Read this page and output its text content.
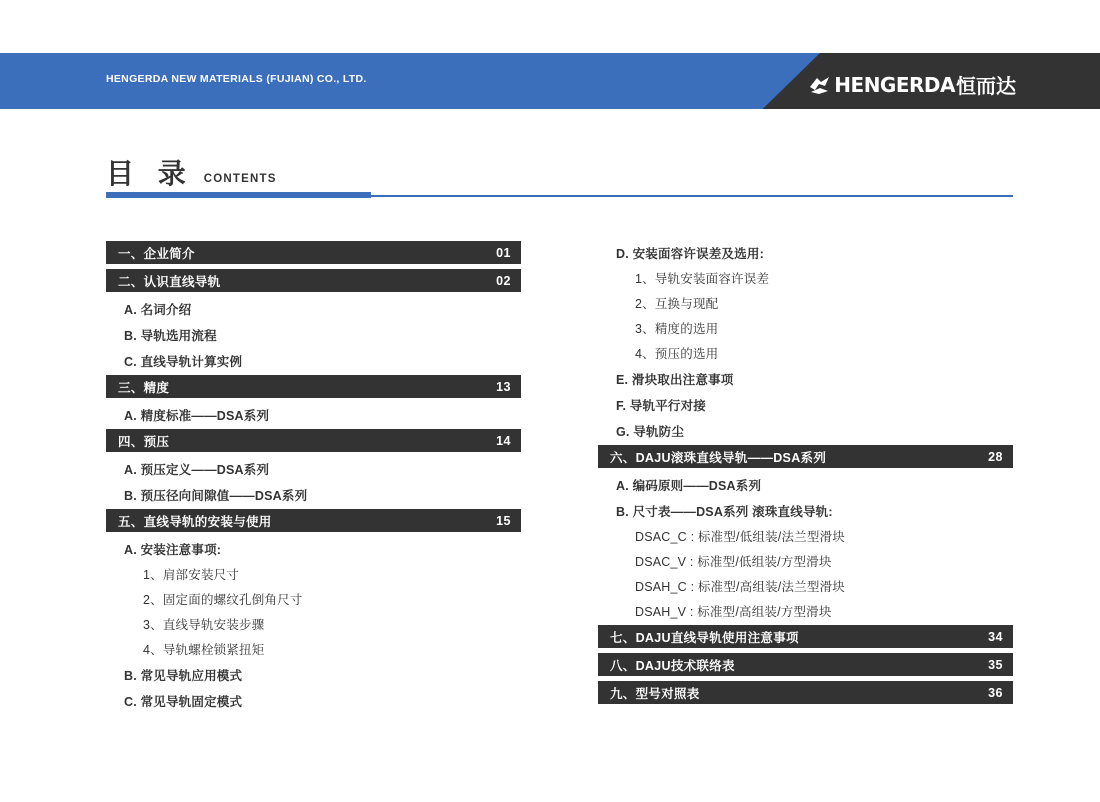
HENGERDA NEW MATERIALS (FUJIAN) CO., LTD.	HENGERDA 恒而达
目 录 CONTENTS
一、企业简介	01
二、认识直线导轨	02
A. 名词介绍
B. 导轨选用流程
C. 直线导轨计算实例
三、精度	13
A. 精度标准——DSA系列
四、预压	14
A. 预压定义——DSA系列
B. 预压径向间隙值——DSA系列
五、直线导轨的安装与使用	15
A. 安装注意事项:
1、肩部安装尺寸
2、固定面的螺纹孔倒角尺寸
3、直线导轨安装步骤
4、导轨螺栓锁紧扭矩
B. 常见导轨应用模式
C. 常见导轨固定模式
D. 安装面容许误差及选用:
1、导轨安装面容许误差
2、互换与现配
3、精度的选用
4、预压的选用
E. 滑块取出注意事项
F. 导轨平行对接
G. 导轨防尘
六、DAJU滚珠直线导轨——DSA系列	28
A. 编码原则——DSA系列
B. 尺寸表——DSA系列 滚珠直线导轨:
DSAC_C : 标准型/低组装/法兰型滑块
DSAC_V : 标准型/低组装/方型滑块
DSAH_C : 标准型/高组装/法兰型滑块
DSAH_V : 标准型/高组装/方型滑块
七、DAJU直线导轨使用注意事项	34
八、DAJU技术联络表	35
九、型号对照表	36
